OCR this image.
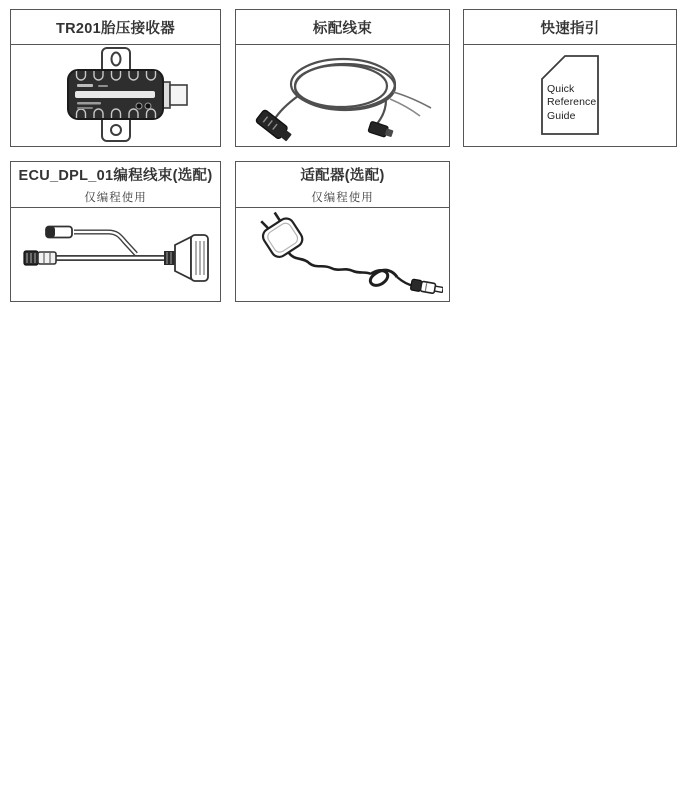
TR201胎压接收器	标配线束	快速指引
Quick
Reference
Guide
ECU_DPL_01编程线束(选配)
仅编程使用
适配器(选配)
仅编程使用
